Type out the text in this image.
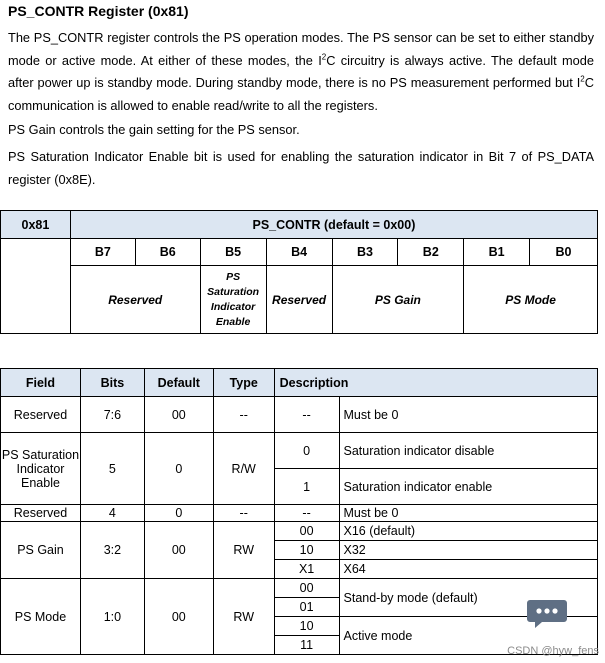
PS_CONTR Register (0x81)
The PS_CONTR register controls the PS operation modes. The PS sensor can be set to either standby mode or active mode. At either of these modes, the $I^2C$ circuitry is always active. The default mode after power up is standby mode. During standby mode, there is no PS measurement performed but $I^2C$ communication is allowed to enable read/write to all the registers.
PS Gain controls the gain setting for the PS sensor.
PS Saturation Indicator Enable bit is used for enabling the saturation indicator in Bit 7 of PS_DATA register (0x8E).
0x81	PS_CONTR (default = 0x00)							
	B7	B6	B5	B4	B3	B2	B1	B0
	Reserved		PS Saturation Indicator Enable	Reserved	PS Gain		PS Mode	
Field	Bits	Default	Type	Description	
Reserved	7:6	00	--	--	Must be 0
PS Saturation Indicator Enable	5	0	R/W	0	Saturation indicator disable
				1	Saturation indicator enable
Reserved	4	0	--	--	Must be 0
PS Gain	3:2	00	RW	00	X16 (default)
				10	X32
				X1	X64
PS Mode	1:0	00	RW	00	Stand-by mode (default)
				01	
				10	Active mode
				11		CSDN @hyw_fens
